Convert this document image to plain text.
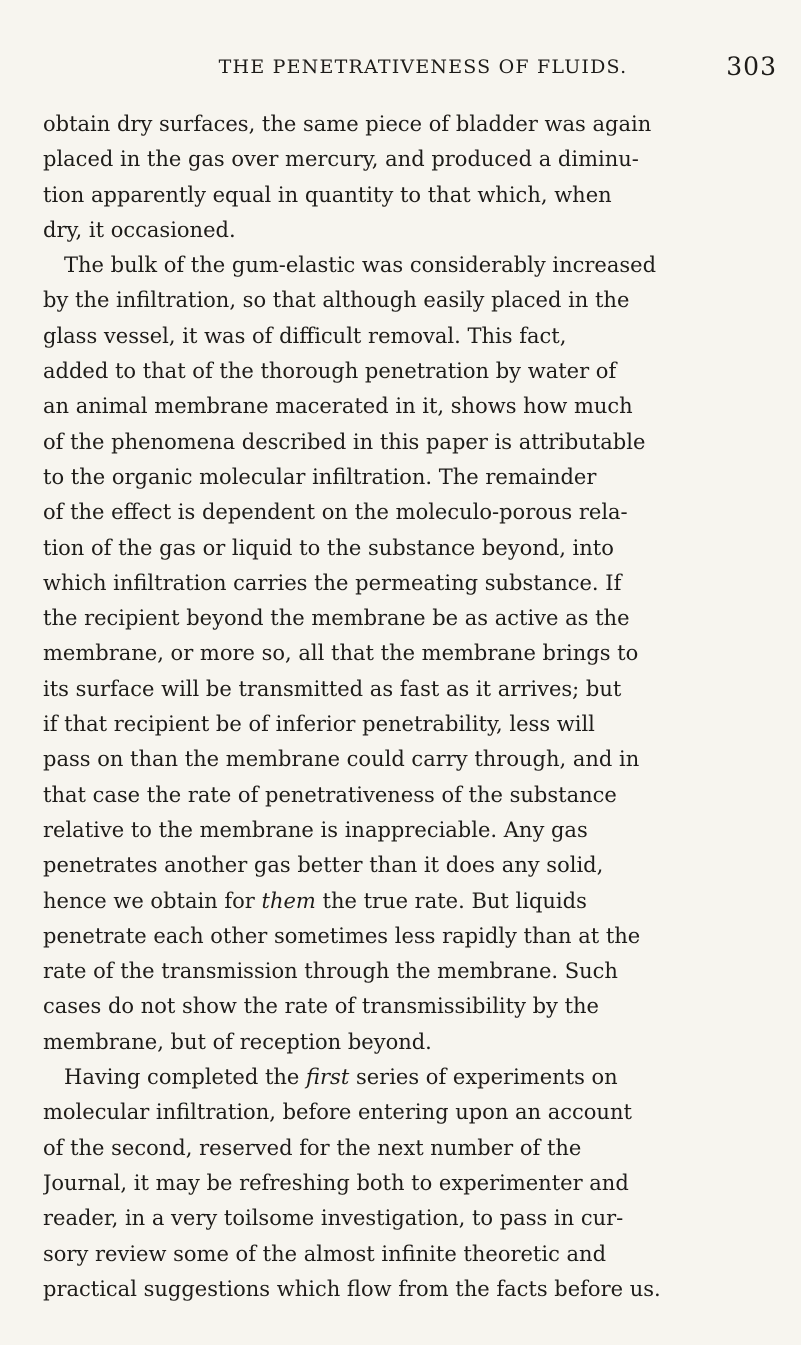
THE PENETRATIVENESS OF FLUIDS.	303
obtain dry surfaces, the same piece of bladder was again
placed in the gas over mercury, and produced a diminu-
tion apparently equal in quantity to that which, when
dry, it occasioned.
The bulk of the gum-elastic was considerably increased
by the infiltration, so that although easily placed in the
glass vessel, it was of difficult removal. This fact,
added to that of the thorough penetration by water of
an animal membrane macerated in it, shows how much
of the phenomena described in this paper is attributable
to the organic molecular infiltration. The remainder
of the effect is dependent on the moleculo-porous rela-
tion of the gas or liquid to the substance beyond, into
which infiltration carries the permeating substance. If
the recipient beyond the membrane be as active as the
membrane, or more so, all that the membrane brings to
its surface will be transmitted as fast as it arrives; but
if that recipient be of inferior penetrability, less will
pass on than the membrane could carry through, and in
that case the rate of penetrativeness of the substance
relative to the membrane is inappreciable. Any gas
penetrates another gas better than it does any solid,
hence we obtain for them the true rate. But liquids
penetrate each other sometimes less rapidly than at the
rate of the transmission through the membrane. Such
cases do not show the rate of transmissibility by the
membrane, but of reception beyond.
Having completed the first series of experiments on
molecular infiltration, before entering upon an account
of the second, reserved for the next number of the
Journal, it may be refreshing both to experimenter and
reader, in a very toilsome investigation, to pass in cur-
sory review some of the almost infinite theoretic and
practical suggestions which flow from the facts before us.
